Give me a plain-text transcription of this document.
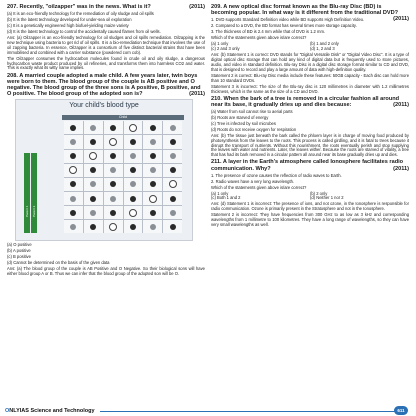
207. Recently, "oilzapper" was in the news. What is it?	(2011)
(a) It is an eco-friendly technology for the remediation of oily sludge and oil spills
(b) It is the latest technology developed for under-sea oil exploration
(c) It is a genetically engineered high biofuel-yielding maize variety
(d) It is the latest technology to control the accidentally caused flames from oil wells.
Ans: (a) Oilzapper is an eco-friendly technology for oil sludges and oil spills remediation. Oilzapping is the new technique using bacteria to get rid of oil spills. It is a bio-remediation technique that involves the use of oil zapping bacteria. In essence, Oilzapper is a consortium of five distinct bacterial strains that have been immobilised and combined with a carrier substance (powdered corn cob).
The Oilzapper consumes the hydrocarbon molecules found in crude oil and oily sludge, a dangerous hydrocarbon waste product produced by oil refineries, and transforms them into harmless CO2 and water. This is exactly what its witty name implies.
208. A married couple adopted a male child. A few years later, twin boys were born to them. The blood group of the couple is AB positive and O negative. The blood group of the three sons is A positive, B positive, and O positive. The blood group of the adopted son is?	(2011)
Your child's blood type
Child
Parent 1	Parent 2
(a) O positive
(b) A positive
(c) B positive
(d) Cannot be determined on the basis of the given data
Ans: (a) The blood group of the couple is AB Positive and O Negative. So their biological sons will have either blood group A or B. Thus we can infer that the blood group of the adopted son will be O.
209. A new optical disc format known as the Blu-ray Disc (BD) is becoming popular. In what way is it different from the traditional DVD?
(2011)
1. DVD supports Standard Definition video while BD supports High Definition Video.
2. Compared to a DVD, the BD format has several times more storage capacity.
3. The thickness of BD is 2.4 mm while that of DVD is 1.2 mm.
Which of the statements given above is/are correct?
(a) 1 only	(b) 1 and 2 only
(c) 2 and 3 only	(d) 1, 2 and 3
Ans: (b) Statement 1 is correct: DVD stands for "Digital Versatile Disk" or "Digital Video Disc". It is a type of digital optical disc storage that can hold any kind of digital data but is frequently used to store pictures, audio, and video in standard definition. Blu-ray Disc is a digital disc storage format similar to CD and DVD, that is designed to record and play a large amount of data with high-definition quality.
Statement 2 is correct: Blu-ray Disc media include these features: 50GB capacity - Each disc can hold more than 10 standard DVDs.
Statement 3 is incorrect: The size of the Blu-ray disc is 120 millimetres in diameter with 1.2 millimetres thickness, which is the same as the size of a CD and DVD.
210. When the bark of a tree is removed in a circular fashion all around near its base, it gradually dries up and dies because:	(2011)
(a) Water from soil cannot rise to aerial parts
(b) Roots are starved of energy
(c) Tree is infected by soil microbes
(d) Roots do not receive oxygen for respiration
Ans: (b) The tissue just beneath the bark called the phloem layer is in charge of moving food produced by photosynthesis from the leaves to the roots. This process is called girdling, and it is fatal to trees because it disrupt the transport of nutrients. Without this nourishment, the roots eventually perish and stop supplying the leaves with water and nutrients. Later, the leaves wither. Because the roots are starved of vitality, a tree that has had its bark removed in a circular pattern all around near its base gradually dries up and dies.
211. A layer in the Earth's atmosphere called Ionosphere facilitates radio communication. Why?	(2011)
1. The presence of ozone causes the reflection of radio waves to Earth.
2. Radio waves have a very long wavelength.
Which of the statements given above is/are correct?
(a) 1 only	(b) 2 only
(c) Both 1 and 2	(d) Neither 1 nor 2
Ans: (d) Statement 1 is incorrect: The presence of ions, and not ozone, in the Ionosphere is responsible for radio communication. Ozone is primarily present in the Stratosphere and not in the Ionosphere.
Statement 2 is incorrect: They have frequencies from 300 GHz to as low as 3 kHz and corresponding wavelengths from 1 millimetre to 100 kilometres. They have a long range of wavelengths, so they can have very small wavelengths as well.
ONLYIAS Science and Technology	611
